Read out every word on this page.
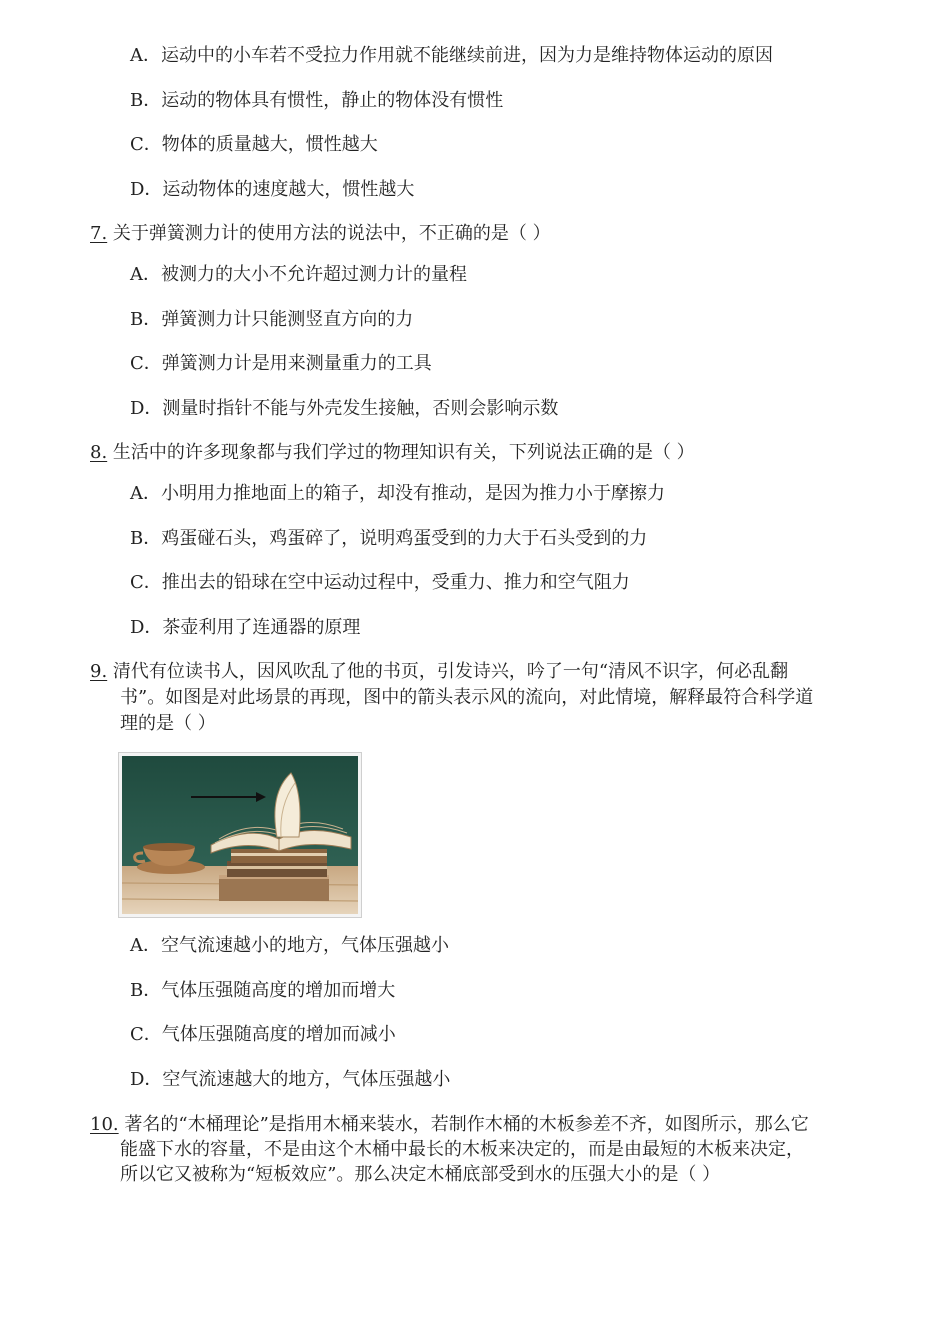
A．运动中的小车若不受拉力作用就不能继续前进，因为力是维持物体运动的原因
B．运动的物体具有惯性，静止的物体没有惯性
C．物体的质量越大，惯性越大
D．运动物体的速度越大，惯性越大
7. 关于弹簧测力计的使用方法的说法中，不正确的是（ ）
A．被测力的大小不允许超过测力计的量程
B．弹簧测力计只能测竖直方向的力
C．弹簧测力计是用来测量重力的工具
D．测量时指针不能与外壳发生接触，否则会影响示数
8. 生活中的许多现象都与我们学过的物理知识有关，下列说法正确的是（ ）
A．小明用力推地面上的箱子，却没有推动，是因为推力小于摩擦力
B．鸡蛋碰石头，鸡蛋碎了，说明鸡蛋受到的力大于石头受到的力
C．推出去的铅球在空中运动过程中，受重力、推力和空气阻力
D．茶壶利用了连通器的原理
9. 清代有位读书人，因风吹乱了他的书页，引发诗兴，吟了一句“清风不识字，何必乱翻
书”。如图是对此场景的再现，图中的箭头表示风的流向，对此情境，解释最符合科学道
理的是（ ）
A．空气流速越小的地方，气体压强越小
B．气体压强随高度的增加而增大
C．气体压强随高度的增加而减小
D．空气流速越大的地方，气体压强越小
10. 著名的“木桶理论”是指用木桶来装水，若制作木桶的木板参差不齐，如图所示，那么它
能盛下水的容量，不是由这个木桶中最长的木板来决定的，而是由最短的木板来决定，
所以它又被称为“短板效应”。那么决定木桶底部受到水的压强大小的是（ ）
